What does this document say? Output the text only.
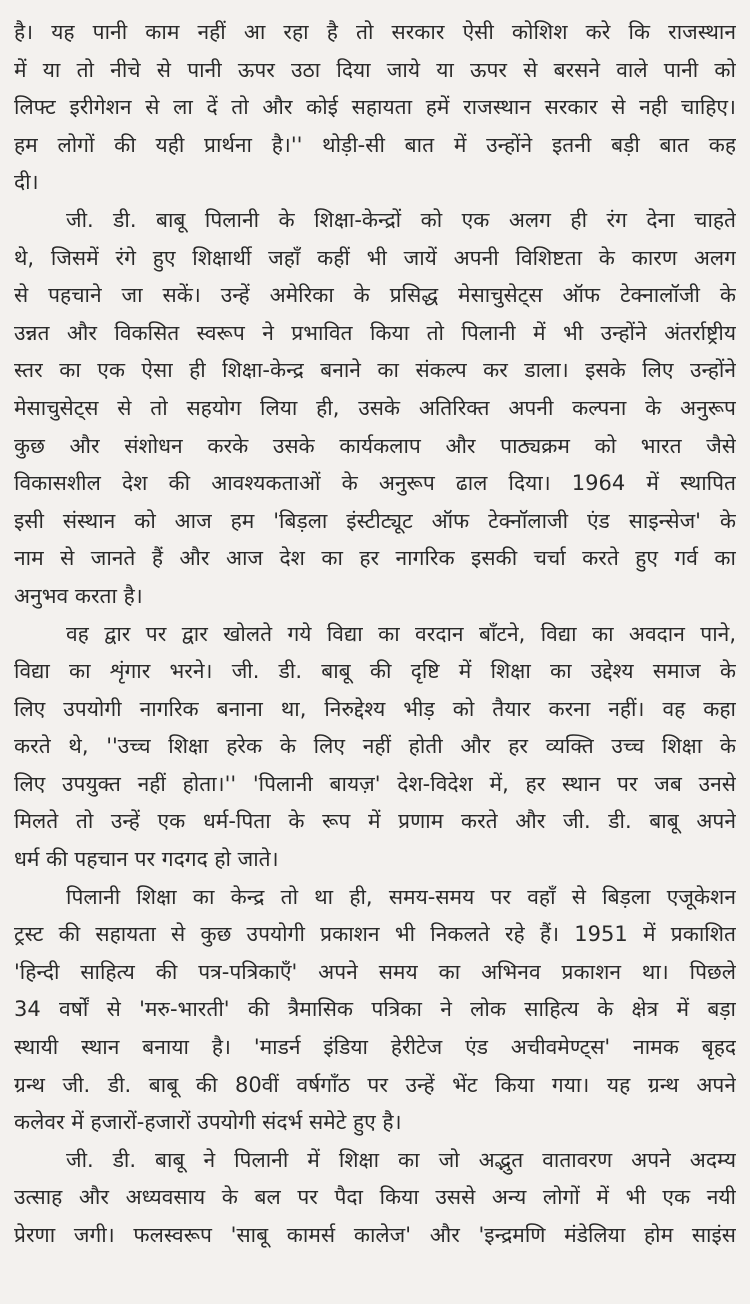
है। यह पानी काम नहीं आ रहा है तो सरकार ऐसी कोशिश करे कि राजस्थान
में या तो नीचे से पानी ऊपर उठा दिया जाये या ऊपर से बरसने वाले पानी को
लिफ्ट इरीगेशन से ला दें तो और कोई सहायता हमें राजस्थान सरकार से नही चाहिए।
हम लोगों की यही प्रार्थना है।'' थोड़ी-सी बात में उन्होंने इतनी बड़ी बात कह
दी।

जी. डी. बाबू पिलानी के शिक्षा-केन्द्रों को एक अलग ही रंग देना चाहते
थे, जिसमें रंगे हुए शिक्षार्थी जहाँ कहीं भी जायें अपनी विशिष्टता के कारण अलग
से पहचाने जा सकें। उन्हें अमेरिका के प्रसिद्ध मेसाचुसेट्स ऑफ टेक्नालॉजी के
उन्नत और विकसित स्वरूप ने प्रभावित किया तो पिलानी में भी उन्होंने अंतर्राष्ट्रीय
स्तर का एक ऐसा ही शिक्षा-केन्द्र बनाने का संकल्प कर डाला। इसके लिए उन्होंने
मेसाचुसेट्स से तो सहयोग लिया ही, उसके अतिरिक्त अपनी कल्पना के अनुरूप
कुछ और संशोधन करके उसके कार्यकलाप और पाठ्यक्रम को भारत जैसे
विकासशील देश की आवश्यकताओं के अनुरूप ढाल दिया। 1964 में स्थापित
इसी संस्थान को आज हम 'बिड़ला इंस्टीट्यूट ऑफ टेक्नॉलाजी एंड साइन्सेज' के
नाम से जानते हैं और आज देश का हर नागरिक इसकी चर्चा करते हुए गर्व का
अनुभव करता है।

वह द्वार पर द्वार खोलते गये विद्या का वरदान बाँटने, विद्या का अवदान पाने,
विद्या का शृंगार भरने। जी. डी. बाबू की दृष्टि में शिक्षा का उद्देश्य समाज के
लिए उपयोगी नागरिक बनाना था, निरुद्देश्य भीड़ को तैयार करना नहीं। वह कहा
करते थे, ''उच्च शिक्षा हरेक के लिए नहीं होती और हर व्यक्ति उच्च शिक्षा के
लिए उपयुक्त नहीं होता।'' 'पिलानी बायज़' देश-विदेश में, हर स्थान पर जब उनसे
मिलते तो उन्हें एक धर्म-पिता के रूप में प्रणाम करते और जी. डी. बाबू अपने
धर्म की पहचान पर गदगद हो जाते।

पिलानी शिक्षा का केन्द्र तो था ही, समय-समय पर वहाँ से बिड़ला एजूकेशन
ट्रस्ट की सहायता से कुछ उपयोगी प्रकाशन भी निकलते रहे हैं। 1951 में प्रकाशित
'हिन्दी साहित्य की पत्र-पत्रिकाएँ' अपने समय का अभिनव प्रकाशन था। पिछले
34 वर्षों से 'मरु-भारती' की त्रैमासिक पत्रिका ने लोक साहित्य के क्षेत्र में बड़ा
स्थायी स्थान बनाया है। 'माडर्न इंडिया हेरीटेज एंड अचीवमेण्ट्स' नामक बृहद
ग्रन्थ जी. डी. बाबू की 80वीं वर्षगाँठ पर उन्हें भेंट किया गया। यह ग्रन्थ अपने
कलेवर में हजारों-हजारों उपयोगी संदर्भ समेटे हुए है।

जी. डी. बाबू ने पिलानी में शिक्षा का जो अद्भुत वातावरण अपने अदम्य
उत्साह और अध्यवसाय के बल पर पैदा किया उससे अन्य लोगों में भी एक नयी
प्रेरणा जगी। फलस्वरूप 'साबू कामर्स कालेज' और 'इन्द्रमणि मंडेलिया होम साइंस
